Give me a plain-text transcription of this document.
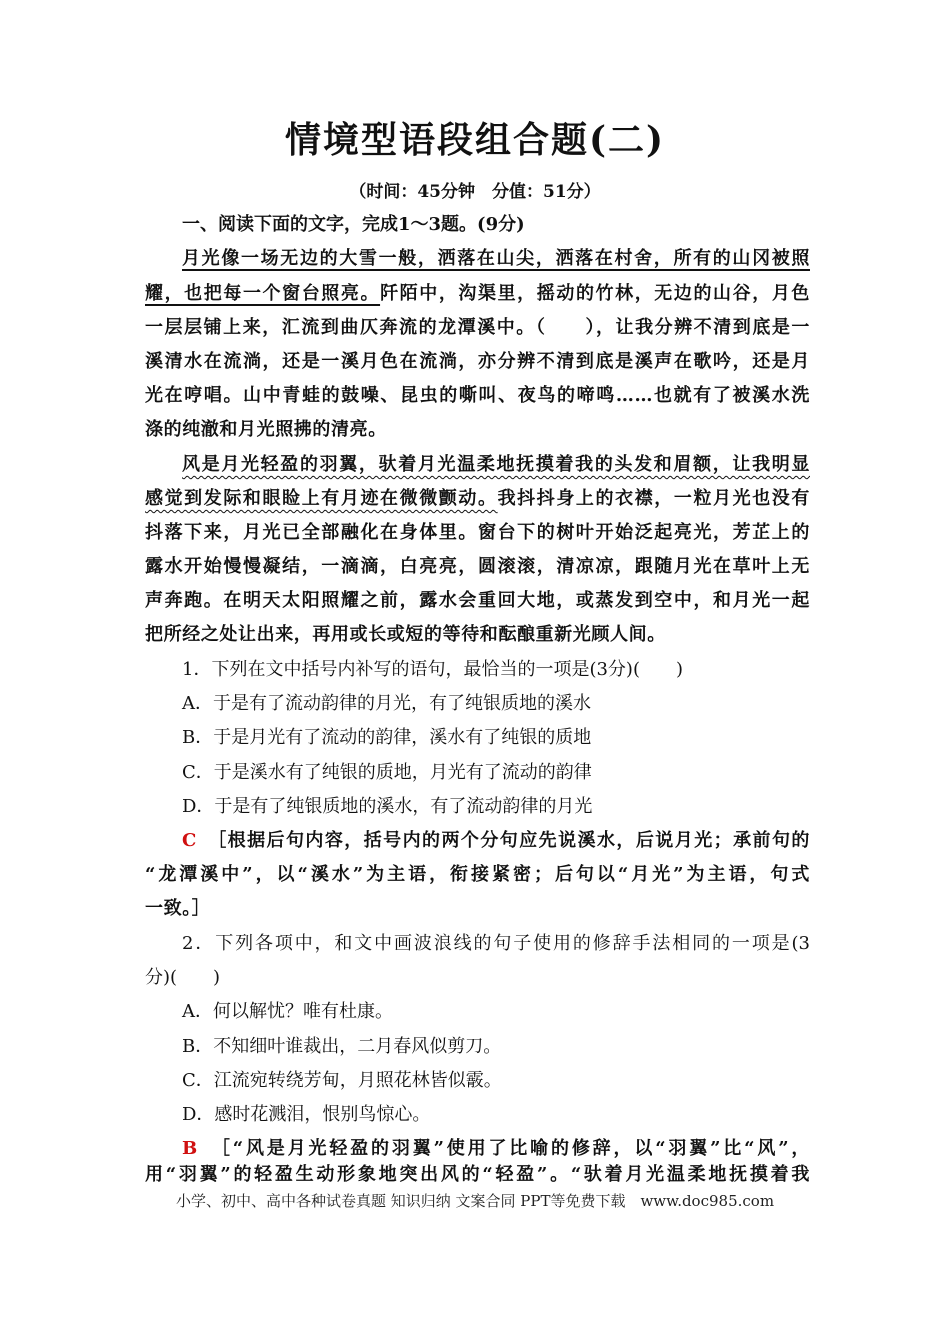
情境型语段组合题(二)
（时间：45分钟　分值：51分）
一、阅读下面的文字，完成1～3题。(9分)
月光像一场无边的大雪一般，洒落在山尖，洒落在村舍，所有的山冈被照
耀，也把每一个窗台照亮。阡陌中，沟渠里，摇动的竹林，无边的山谷，月色
一层层铺上来，汇流到曲仄奔流的龙潭溪中。（　　），让我分辨不清到底是一
溪清水在流淌，还是一溪月色在流淌，亦分辨不清到底是溪声在歌吟，还是月
光在哼唱。山中青蛙的鼓噪、昆虫的嘶叫、夜鸟的啼鸣……也就有了被溪水洗
涤的纯澈和月光照拂的清亮。
风是月光轻盈的羽翼，驮着月光温柔地抚摸着我的头发和眉额，让我明显
感觉到发际和眼睑上有月迹在微微颤动。我抖抖身上的衣襟，一粒月光也没有
抖落下来，月光已全部融化在身体里。窗台下的树叶开始泛起亮光，芳芷上的
露水开始慢慢凝结，一滴滴，白亮亮，圆滚滚，清凉凉，跟随月光在草叶上无
声奔跑。在明天太阳照耀之前，露水会重回大地，或蒸发到空中，和月光一起
把所经之处让出来，再用或长或短的等待和酝酿重新光顾人间。
1．下列在文中括号内补写的语句，最恰当的一项是(3分)(　　)
A．于是有了流动韵律的月光，有了纯银质地的溪水
B．于是月光有了流动的韵律，溪水有了纯银的质地
C．于是溪水有了纯银的质地，月光有了流动的韵律
D．于是有了纯银质地的溪水，有了流动韵律的月光
C　 ［根据后句内容，括号内的两个分句应先说溪水，后说月光；承前句的
“龙潭溪中”，以“溪水”为主语，衔接紧密；后句以“月光”为主语，句式
一致。］
2．下列各项中，和文中画波浪线的句子使用的修辞手法相同的一项是(3
分)(　　)
A．何以解忧？唯有杜康。
B．不知细叶谁裁出，二月春风似剪刀。
C．江流宛转绕芳甸，月照花林皆似霰。
D．感时花溅泪，恨别鸟惊心。
B　 ［“风是月光轻盈的羽翼”使用了比喻的修辞，以“羽翼”比“风”，
用“羽翼”的轻盈生动形象地突出风的“轻盈”。“驮着月光温柔地抚摸着我
小学、初中、高中各种试卷真题 知识归纳 文案合同 PPT等免费下载　www.doc985.com
